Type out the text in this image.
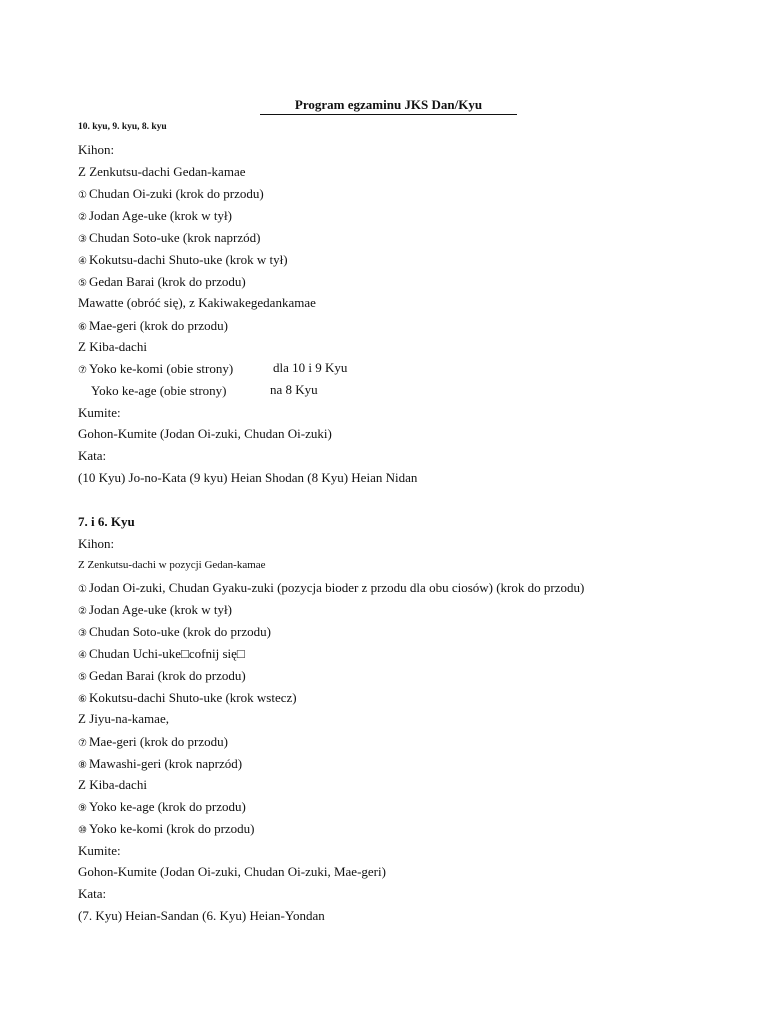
Program egzaminu JKS Dan/Kyu
10. kyu, 9. kyu, 8. kyu
Kihon:
Z Zenkutsu-dachi Gedan-kamae
① Chudan Oi-zuki (krok do przodu)
② Jodan Age-uke (krok w tył)
③ Chudan Soto-uke (krok naprzód)
④ Kokutsu-dachi Shuto-uke (krok w tył)
⑤ Gedan Barai (krok do przodu)
Mawatte (obróć się), z Kakiwakegedankamae
⑥ Mae-geri (krok do przodu)
Z Kiba-dachi
⑦ Yoko ke-komi (obie strony)	dla 10 i 9 Kyu
Yoko ke-age (obie strony)	na 8 Kyu
Kumite:
Gohon-Kumite (Jodan Oi-zuki, Chudan Oi-zuki)
Kata:
(10 Kyu) Jo-no-Kata (9 kyu) Heian Shodan (8 Kyu) Heian Nidan
7. i 6. Kyu
Kihon:
Z Zenkutsu-dachi w pozycji Gedan-kamae
① Jodan Oi-zuki, Chudan Gyaku-zuki (pozycja bioder z przodu dla obu ciosów) (krok do przodu)
② Jodan Age-uke (krok w tył)
③ Chudan Soto-uke (krok do przodu)
④ Chudan Uchi-uke□cofnij się□
⑤ Gedan Barai (krok do przodu)
⑥ Kokutsu-dachi Shuto-uke (krok wstecz)
Z Jiyu-na-kamae,
⑦ Mae-geri (krok do przodu)
⑧ Mawashi-geri (krok naprzód)
Z Kiba-dachi
⑨ Yoko ke-age (krok do przodu)
⑩ Yoko ke-komi (krok do przodu)
Kumite:
Gohon-Kumite (Jodan Oi-zuki, Chudan Oi-zuki, Mae-geri)
Kata:
(7. Kyu) Heian-Sandan (6. Kyu) Heian-Yondan
